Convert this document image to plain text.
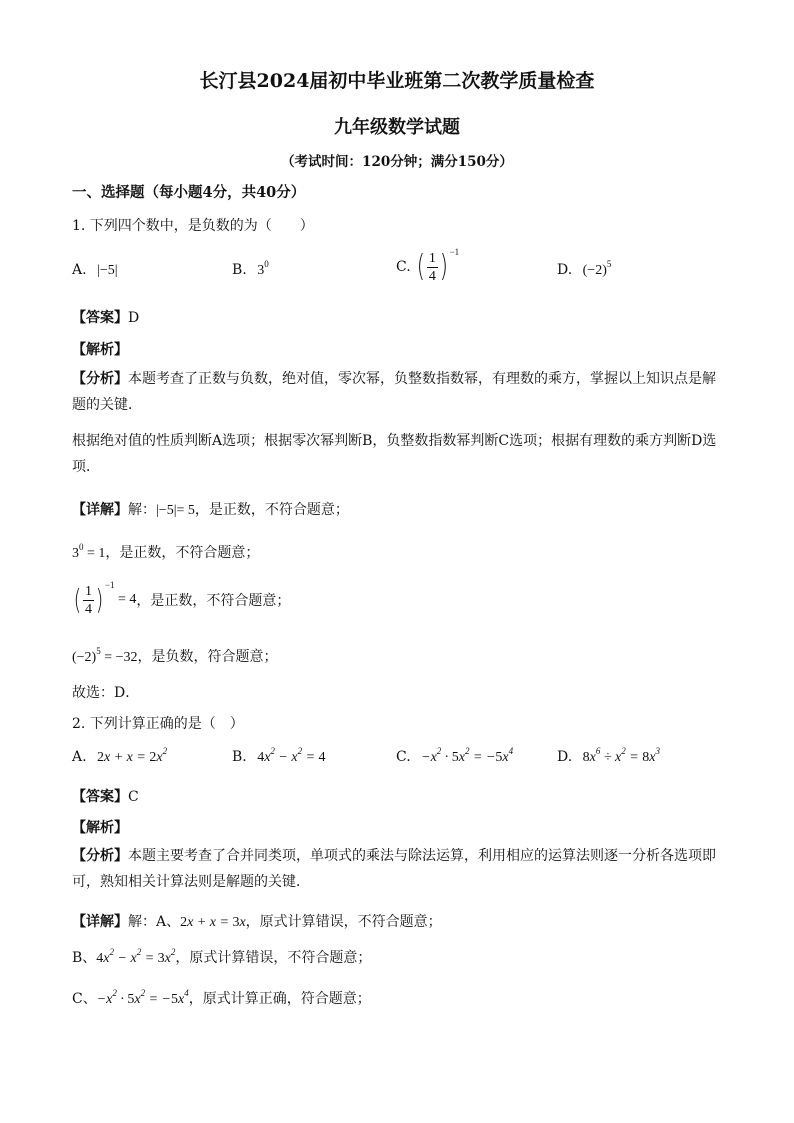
长汀县2024届初中毕业班第二次教学质量检查
九年级数学试题
（考试时间：120分钟；满分150分）
一、选择题（每小题4分，共40分）
1. 下列四个数中，是负数的为（　　）
A. |−5|	B. $3^0$	C. ( $\frac{1}{4}$ ) −1
D. $(-2)^5$
【答案】D
【解析】
【分析】本题考查了正数与负数，绝对值，零次幂，负整数指数幂，有理数的乘方，掌握以上知识点是解题的关键．
根据绝对值的性质判断A选项；根据零次幂判断B，负整数指数幂判断C选项；根据有理数的乘方判断D选项．
【详解】解：|−5|= 5，是正数，不符合题意；
$3^0 = 1$，是正数，不符合题意；
( $\frac{1}{4}$ ) −1 = 4，是正数，不符合题意；
$(-2)^5 = -32$，是负数，符合题意；
故选：D．
2. 下列计算正确的是（　）
A. $2x + x = 2x^2$	B. $4x^2 - x^2 = 4$	C. $-x^2 \cdot 5x^2 = -5x^4$	D. $8x^6 \div x^2 = 8x^3$
【答案】C
【解析】
【分析】本题主要考查了合并同类项，单项式的乘法与除法运算，利用相应的运算法则逐一分析各选项即可，熟知相关计算法则是解题的关键．
【详解】解：A、2x + x = 3x，原式计算错误，不符合题意；
B、$4x^2 - x^2 = 3x^2$，原式计算错误，不符合题意；
C、$-x^2 \cdot 5x^2 = -5x^4$，原式计算正确，符合题意；
